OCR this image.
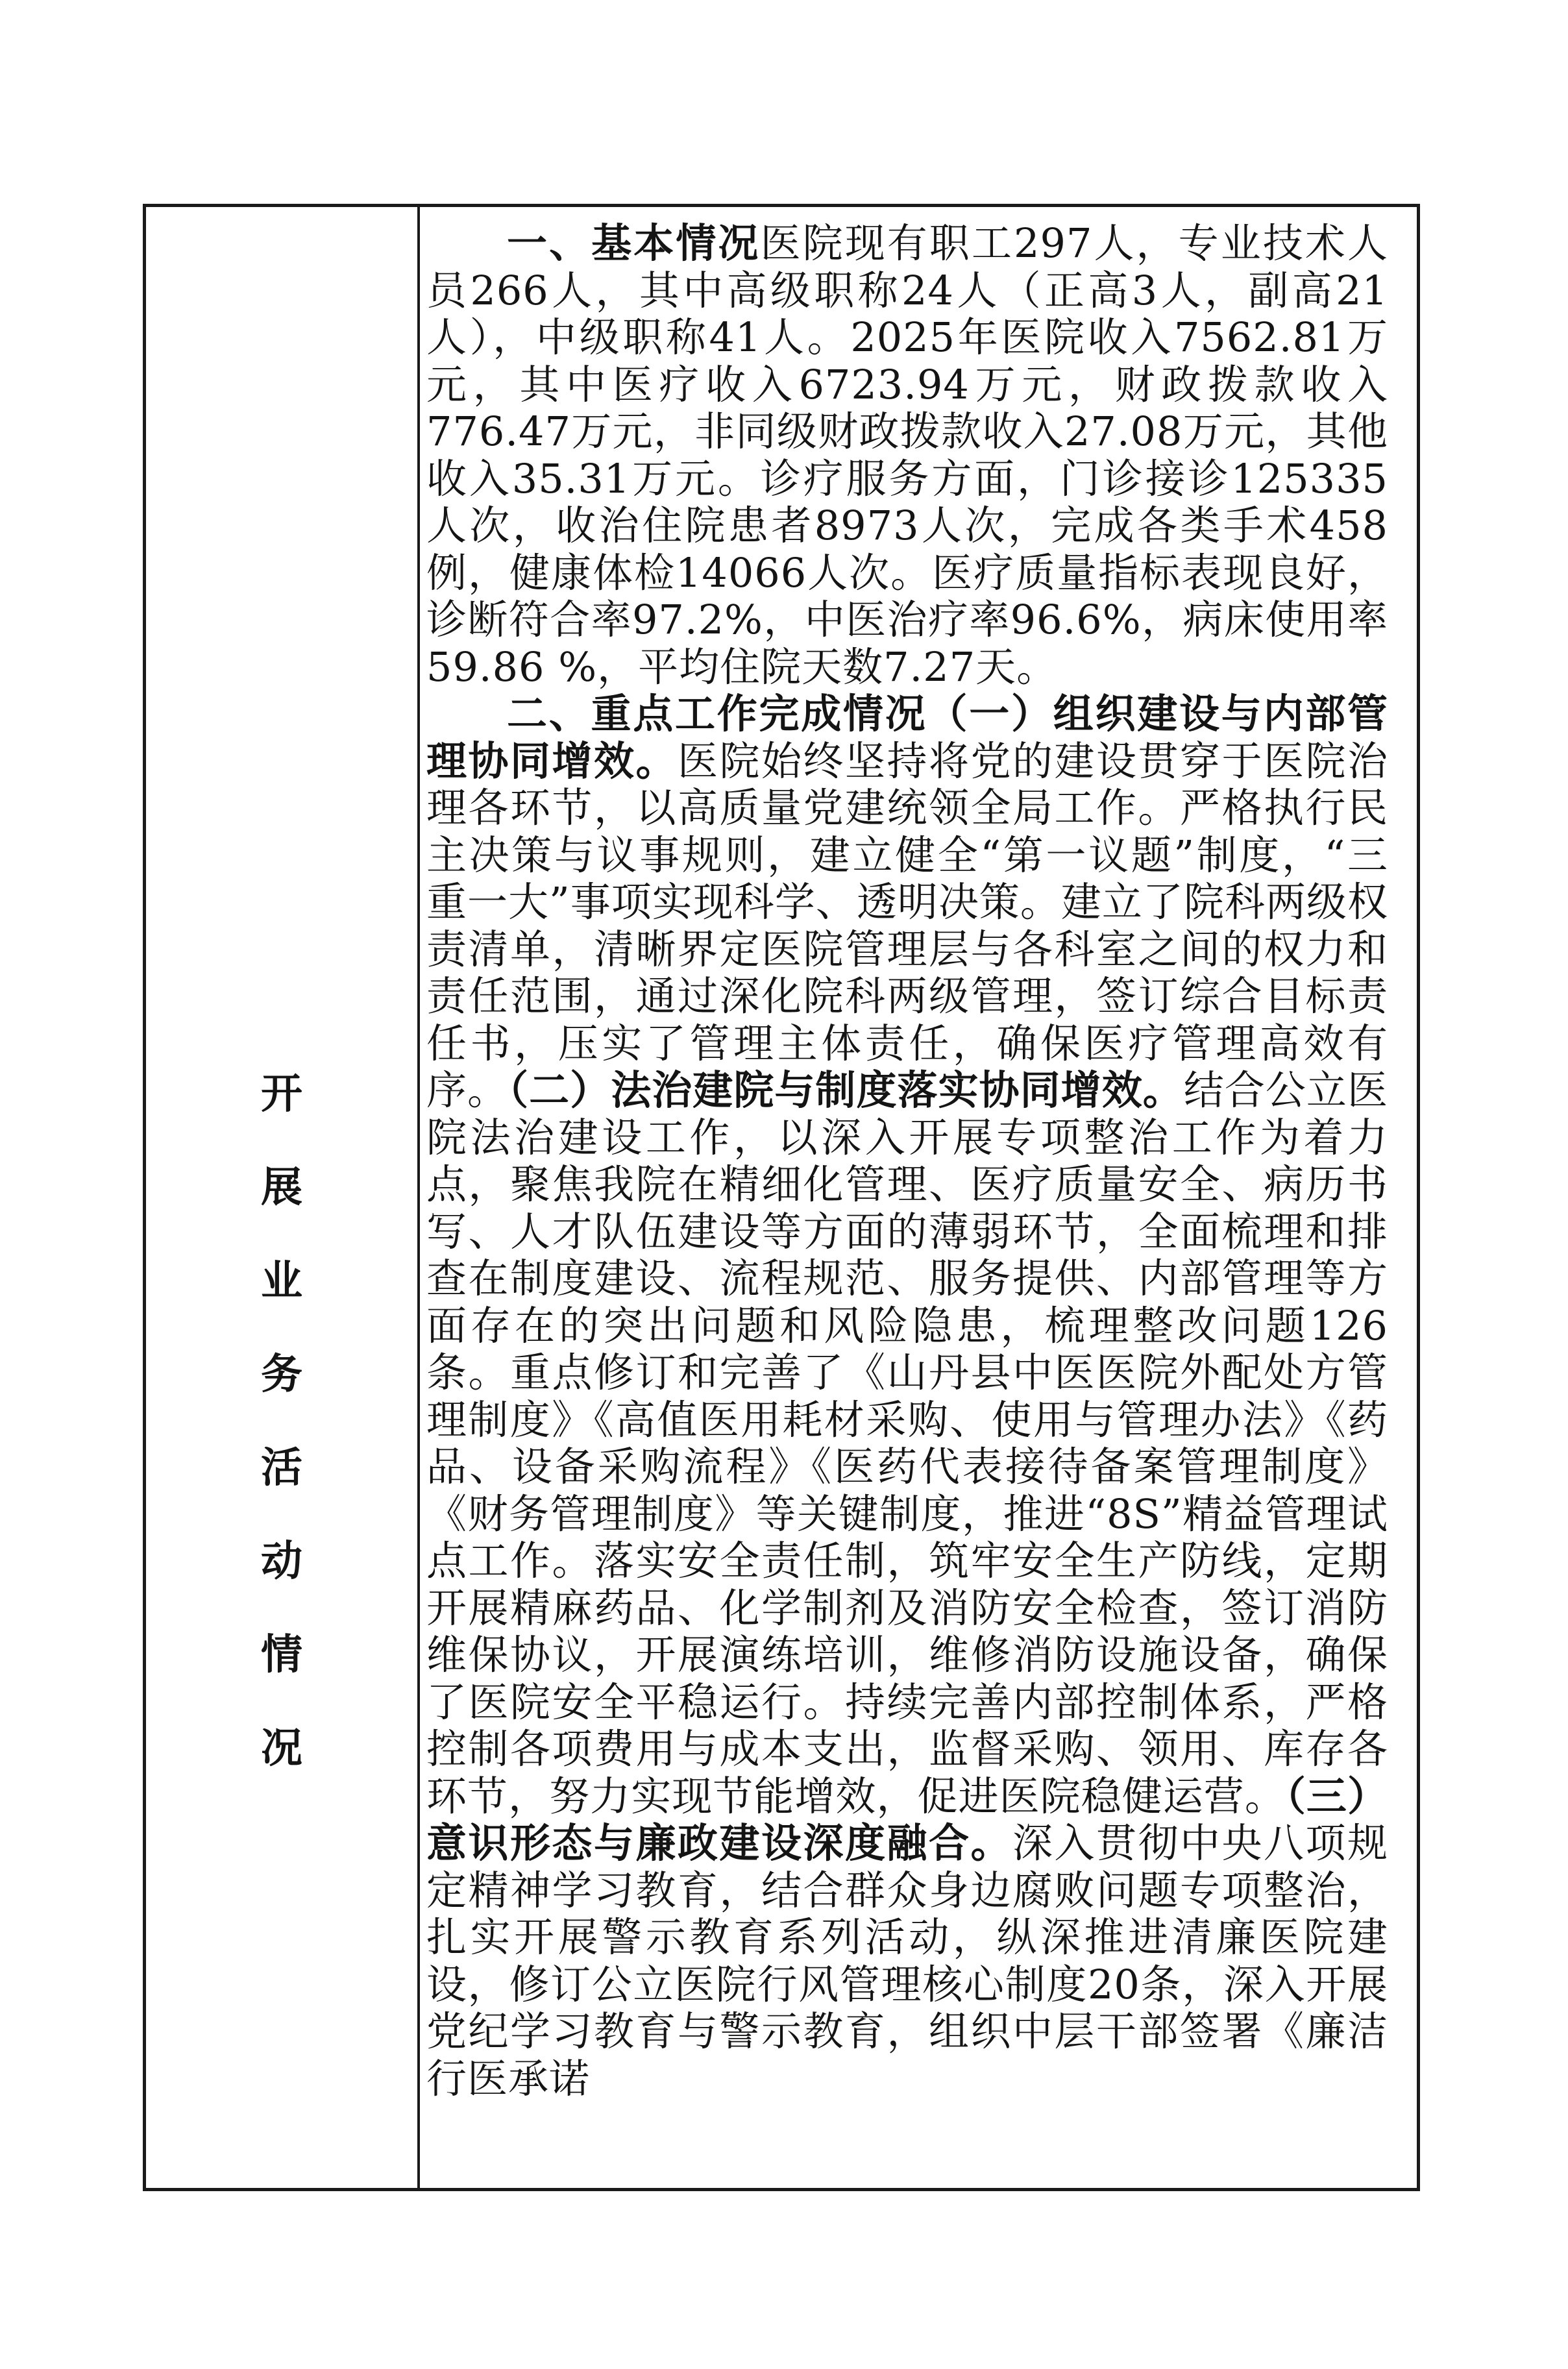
开
展
业
务
活
动
情
况

一、基本情况医院现有职工297人，专业技术人员266人，其中高级职称24人（正高3人，副高21人），中级职称41人。2025年医院收入7562.81万元，其中医疗收入6723.94万元，财政拨款收入776.47万元，非同级财政拨款收入27.08万元，其他收入35.31万元。诊疗服务方面，门诊接诊125335人次，收治住院患者8973人次，完成各类手术458例，健康体检14066人次。医疗质量指标表现良好，诊断符合率97.2%，中医治疗率96.6%，病床使用率59.86 %，平均住院天数7.27天。

二、重点工作完成情况（一）组织建设与内部管理协同增效。医院始终坚持将党的建设贯穿于医院治理各环节，以高质量党建统领全局工作。严格执行民主决策与议事规则，建立健全“第一议题”制度，“三重一大”事项实现科学、透明决策。建立了院科两级权责清单，清晰界定医院管理层与各科室之间的权力和责任范围，通过深化院科两级管理，签订综合目标责任书，压实了管理主体责任，确保医疗管理高效有序。（二）法治建院与制度落实协同增效。结合公立医院法治建设工作，以深入开展专项整治工作为着力点，聚焦我院在精细化管理、医疗质量安全、病历书写、人才队伍建设等方面的薄弱环节，全面梳理和排查在制度建设、流程规范、服务提供、内部管理等方面存在的突出问题和风险隐患，梳理整改问题126条。重点修订和完善了《山丹县中医医院外配处方管理制度》《高值医用耗材采购、使用与管理办法》《药品、设备采购流程》《医药代表接待备案管理制度》《财务管理制度》等关键制度，推进“8S”精益管理试点工作。落实安全责任制，筑牢安全生产防线，定期开展精麻药品、化学制剂及消防安全检查，签订消防维保协议，开展演练培训，维修消防设施设备，确保了医院安全平稳运行。持续完善内部控制体系，严格控制各项费用与成本支出，监督采购、领用、库存各环节，努力实现节能增效，促进医院稳健运营。（三）意识形态与廉政建设深度融合。深入贯彻中央八项规定精神学习教育，结合群众身边腐败问题专项整治，扎实开展警示教育系列活动，纵深推进清廉医院建设，修订公立医院行风管理核心制度20条，深入开展党纪学习教育与警示教育，组织中层干部签署《廉洁行医承诺
